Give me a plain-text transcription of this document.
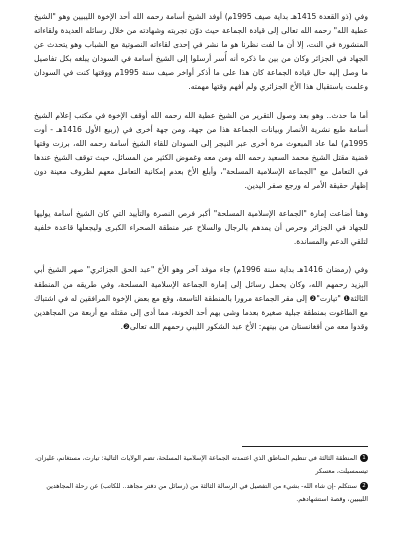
وفي (ذو القعدة 1415هـ بداية صيف 1995م) أوفد الشيخ أسامة رحمه الله أحد الإخوة الليبيين وهو "الشيخ عطية الله" رحمه الله تعالى إلى قيادة الجماعة حيث دوّن تجربته وشهادته من خلال رسائله العديدة ولقاءاته المنشورة في النت، إلا أن ما لفت نظرنا هو ما نشر في إحدى لقاءاته النصوتية مع الشباب وهو يتحدث عن الجهاد في الجزائر وكان من بين ما ذكره أنه أُسر أرسلوا إلى الشيخ أسامة في السودان يبلغه بكل تفاصيل ما وصل إليه حال قيادة الجماعة كان هذا على ما أذكر أواخر صيف سنة 1995م ووقتها كنت في السودان وعلمت باستقبال هذا الأخ الجزائري ولم أفهم وقتها مهمته.

أما ما حدث.. وهو بعد وصول التقرير من الشيخ عطية الله رحمه الله أوقف الإخوة في مكتب إعلام الشيخ أسامة طبع نشرية الأنصار وبيانات الجماعة هذا من جهة، ومن جهة أخرى في (ربيع الأول 1416هـ - أوت 1995م) لما عاد المبعوث مرة أخرى عبر النيجر إلى السودان للقاء الشيخ أسامة رحمه الله، برزت وقتها قضية مقتل الشيخ محمد السعيد رحمه الله ومن معه وغموض الكثير من المسائل، حيث توقف الشيخ عندها في التعامل مع "الجماعة الإسلامية المسلحة"، وأبلغ الأخ بعدم إمكانية التعامل معهم لظروف معينة دون إظهار حقيقة الأمر له ورجع صفر اليدين.

وهنا أضاعت إمارة "الجماعة الإسلامية المسلحة" أكبر فرص النصرة والتأييد التي كان الشيخ أسامة يوليها للجهاد في الجزائر وحرص أن يمدهم بالرجال والسلاح عبر منطقة الصحراء الكبرى وليجعلها قاعدة خلفية لتلقي الدعم والمساندة.

وفي (رمضان 1416هـ بداية سنة 1996م) جاء موفد آخر وهو الأخ "عبد الحق الجزائري" صهر الشيخ أبي اليزيد رحمهم الله، وكان يحمل رسائل إلى إمارة الجماعة الإسلامية المسلحة، وفي طريقه من المنطقة الثالثة❶ "تيارت"❷ إلى مقر الجماعة مرورا بالمنطقة التاسعة، وقع مع بعض الإخوة المرافقين له في اشتباك مع الطاغوت بمنطقة جبلية صغيرة بعدما وشى بهم أحد الخونة، مما أدى إلى مقتله مع أربعة من المجاهدين وقدوا معه من أفغانستان من بينهم: الأخ عبد الشكور الليبي رحمهم الله تعالى❷.

1المنطقة الثالثة في تنظيم المناطق الذي اعتمدته الجماعة الإسلامية المسلحة، تضم الولايات التالية: تيارت، مستغانم، غليزان، تيسمسيلت، معسكر

2سنتكلم -إن شاء الله- بشيء من التفصيل في الرسالة الثالثة من (رسائل من دفتر مجاهد.. للكاتب) عن رحلة المجاهدين الليبيين، وقصة استشهادهم.
